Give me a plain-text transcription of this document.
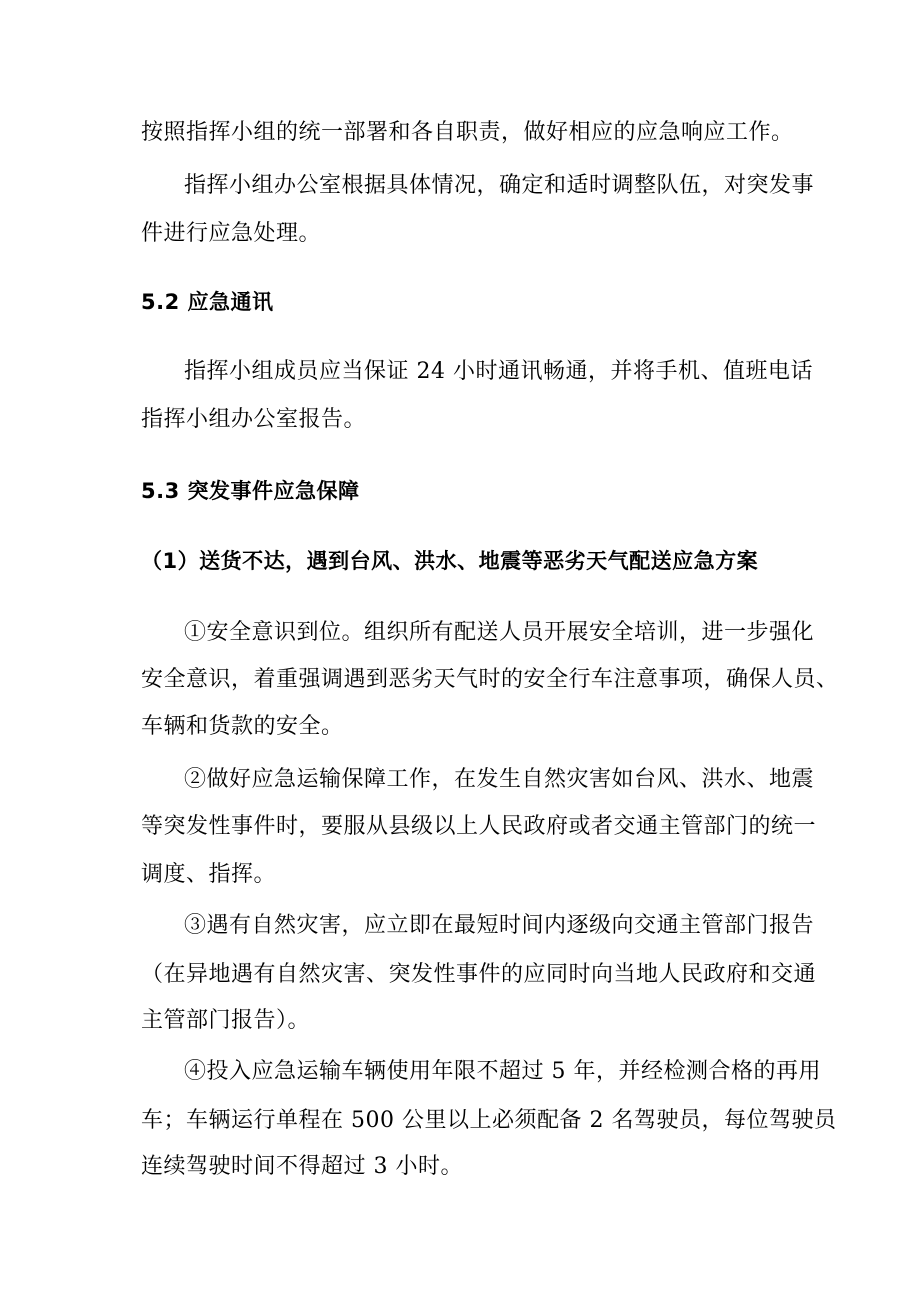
按照指挥小组的统一部署和各自职责，做好相应的应急响应工作。
指挥小组办公室根据具体情况，确定和适时调整队伍，对突发事
件进行应急处理。
5.2 应急通讯
指挥小组成员应当保证 24 小时通讯畅通，并将手机、值班电话
指挥小组办公室报告。
5.3 突发事件应急保障
（1）送货不达，遇到台风、洪水、地震等恶劣天气配送应急方案
①安全意识到位。组织所有配送人员开展安全培训，进一步强化
安全意识，着重强调遇到恶劣天气时的安全行车注意事项，确保人员、
车辆和货款的安全。
②做好应急运输保障工作，在发生自然灾害如台风、洪水、地震
等突发性事件时，要服从县级以上人民政府或者交通主管部门的统一
调度、指挥。
③遇有自然灾害，应立即在最短时间内逐级向交通主管部门报告
（在异地遇有自然灾害、突发性事件的应同时向当地人民政府和交通
主管部门报告）。
④投入应急运输车辆使用年限不超过 5 年，并经检测合格的再用
车；车辆运行单程在 500 公里以上必须配备 2 名驾驶员，每位驾驶员
连续驾驶时间不得超过 3 小时。
